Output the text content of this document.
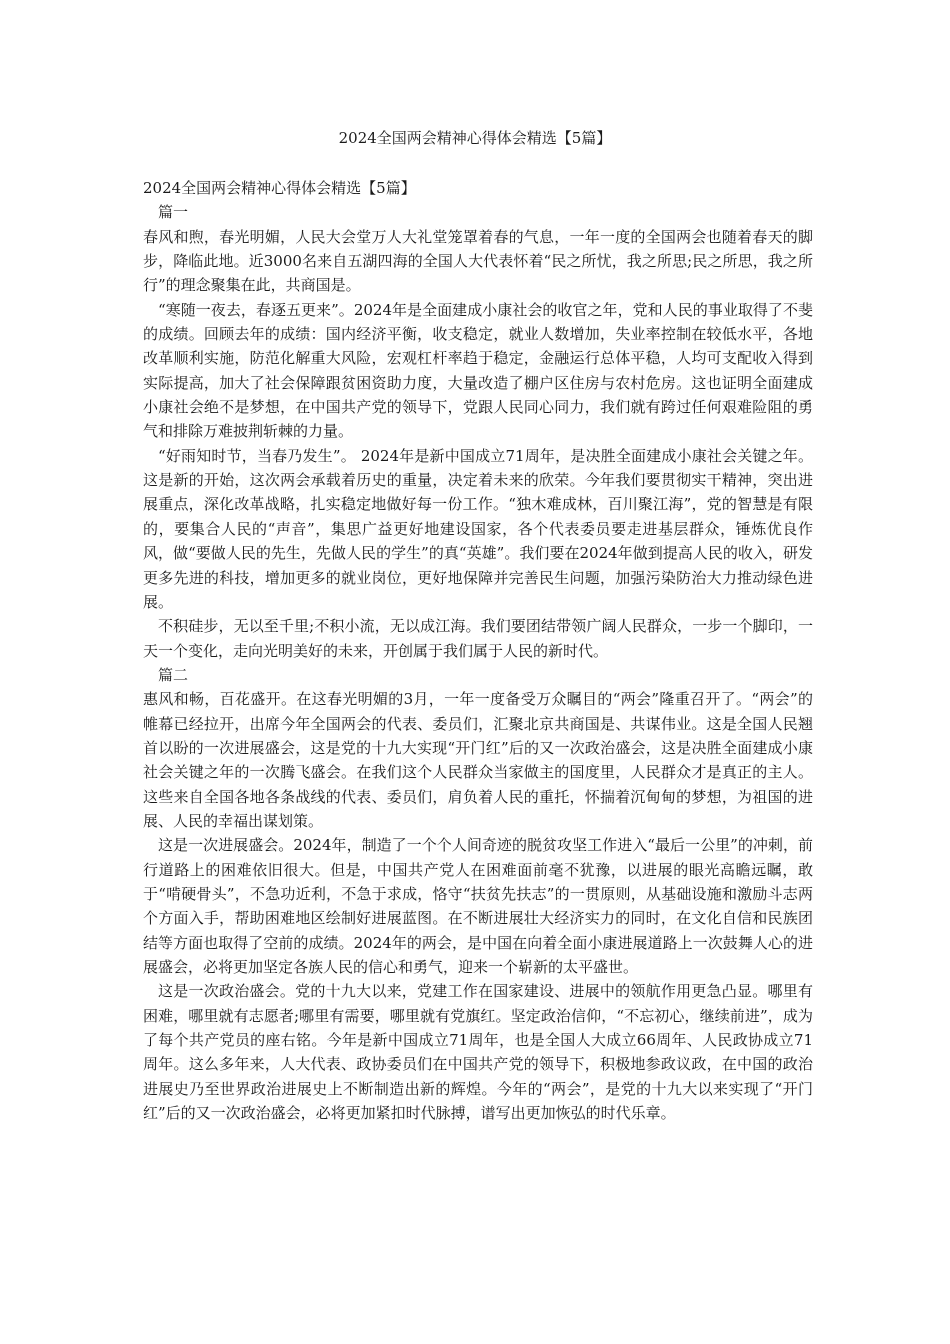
2024全国两会精神心得体会精选【5篇】

2024全国两会精神心得体会精选【5篇】

篇一

春风和煦，春光明媚，人民大会堂万人大礼堂笼罩着春的气息，一年一度的全国两会也随着春天的脚步，降临此地。近3000名来自五湖四海的全国人大代表怀着“民之所忧，我之所思;民之所思，我之所行”的理念聚集在此，共商国是。

“寒随一夜去，春逐五更来”。2024年是全面建成小康社会的收官之年，党和人民的事业取得了不斐的成绩。回顾去年的成绩：国内经济平衡，收支稳定，就业人数增加，失业率控制在较低水平，各地改革顺利实施，防范化解重大风险，宏观杠杆率趋于稳定，金融运行总体平稳，人均可支配收入得到实际提高，加大了社会保障跟贫困资助力度，大量改造了棚户区住房与农村危房。这也证明全面建成小康社会绝不是梦想，在中国共产党的领导下，党跟人民同心同力，我们就有跨过任何艰难险阻的勇气和排除万难披荆斩棘的力量。

“好雨知时节，当春乃发生”。 2024年是新中国成立71周年，是决胜全面建成小康社会关键之年。这是新的开始，这次两会承载着历史的重量，决定着未来的欣荣。今年我们要贯彻实干精神，突出进展重点，深化改革战略，扎实稳定地做好每一份工作。“独木难成林，百川聚江海”，党的智慧是有限的，要集合人民的“声音”，集思广益更好地建设国家，各个代表委员要走进基层群众，锤炼优良作风，做“要做人民的先生，先做人民的学生”的真“英雄”。我们要在2024年做到提高人民的收入，研发更多先进的科技，增加更多的就业岗位，更好地保障并完善民生问题，加强污染防治大力推动绿色进展。

不积硅步，无以至千里;不积小流，无以成江海。我们要团结带领广阔人民群众，一步一个脚印，一天一个变化，走向光明美好的未来，开创属于我们属于人民的新时代。

篇二

惠风和畅，百花盛开。在这春光明媚的3月，一年一度备受万众瞩目的“两会”隆重召开了。“两会”的帷幕已经拉开，出席今年全国两会的代表、委员们，汇聚北京共商国是、共谋伟业。这是全国人民翘首以盼的一次进展盛会，这是党的十九大实现“开门红”后的又一次政治盛会，这是决胜全面建成小康社会关键之年的一次腾飞盛会。在我们这个人民群众当家做主的国度里，人民群众才是真正的主人。这些来自全国各地各条战线的代表、委员们，肩负着人民的重托，怀揣着沉甸甸的梦想，为祖国的进展、人民的幸福出谋划策。

这是一次进展盛会。2024年，制造了一个个人间奇迹的脱贫攻坚工作进入“最后一公里”的冲刺，前行道路上的困难依旧很大。但是，中国共产党人在困难面前毫不犹豫，以进展的眼光高瞻远瞩，敢于“啃硬骨头”，不急功近利，不急于求成，恪守“扶贫先扶志”的一贯原则，从基础设施和激励斗志两个方面入手，帮助困难地区绘制好进展蓝图。在不断进展壮大经济实力的同时，在文化自信和民族团结等方面也取得了空前的成绩。2024年的两会，是中国在向着全面小康进展道路上一次鼓舞人心的进展盛会，必将更加坚定各族人民的信心和勇气，迎来一个崭新的太平盛世。

这是一次政治盛会。党的十九大以来，党建工作在国家建设、进展中的领航作用更急凸显。哪里有困难，哪里就有志愿者;哪里有需要，哪里就有党旗红。坚定政治信仰，“不忘初心，继续前进”，成为了每个共产党员的座右铭。今年是新中国成立71周年，也是全国人大成立66周年、人民政协成立71周年。这么多年来，人大代表、政协委员们在中国共产党的领导下，积极地参政议政，在中国的政治进展史乃至世界政治进展史上不断制造出新的辉煌。今年的“两会”，是党的十九大以来实现了“开门红”后的又一次政治盛会，必将更加紧扣时代脉搏，谱写出更加恢弘的时代乐章。
